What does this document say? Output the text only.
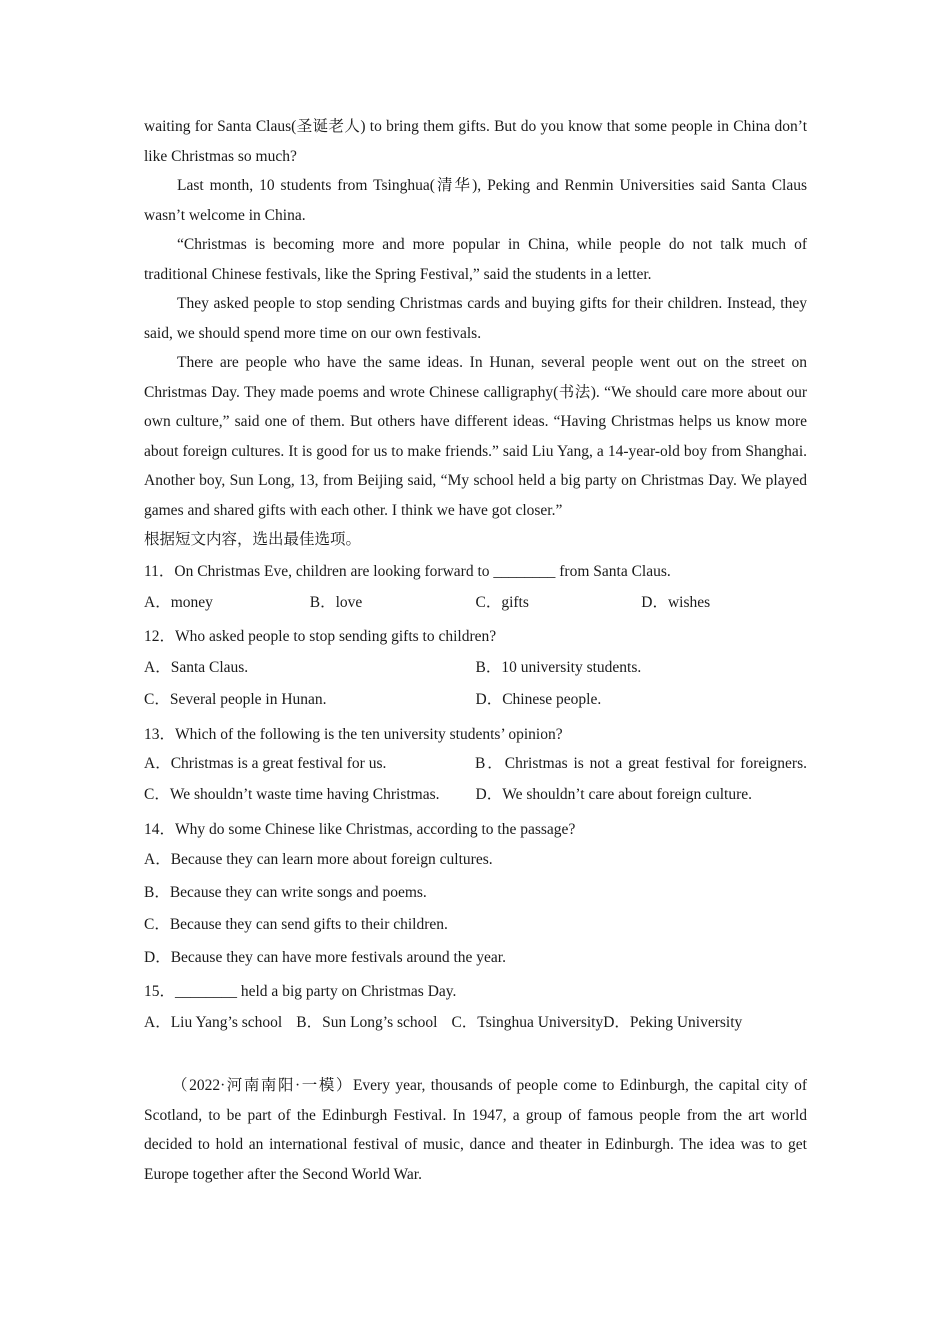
waiting for Santa Claus(圣诞老人) to bring them gifts. But do you know that some people in China don’t like Christmas so much?

Last month, 10 students from Tsinghua(清华), Peking and Renmin Universities said Santa Claus wasn’t welcome in China.

“Christmas is becoming more and more popular in China, while people do not talk much of traditional Chinese festivals, like the Spring Festival,” said the students in a letter.

They asked people to stop sending Christmas cards and buying gifts for their children. Instead, they said, we should spend more time on our own festivals.

There are people who have the same ideas. In Hunan, several people went out on the street on Christmas Day. They made poems and wrote Chinese calligraphy(书法). “We should care more about our own culture,” said one of them. But others have different ideas. “Having Christmas helps us know more about foreign cultures. It is good for us to make friends.” said Liu Yang, a 14-year-old boy from Shanghai. Another boy, Sun Long, 13, from Beijing said, “My school held a big party on Christmas Day. We played games and shared gifts with each other. I think we have got closer.”

根据短文内容，选出最佳选项。

11．On Christmas Eve, children are looking forward to ________ from Santa Claus.

A．money	B．love	C．gifts	D．wishes

12．Who asked people to stop sending gifts to children?

A．Santa Claus.	B．10 university students.
C．Several people in Hunan.	D．Chinese people.

13．Which of the following is the ten university students’ opinion?

A．Christmas is a great festival for us.	B．Christmas is not a great festival for foreigners.
C．We shouldn’t waste time having Christmas.	D．We shouldn’t care about foreign culture.

14．Why do some Chinese like Christmas, according to the passage?

A．Because they can learn more about foreign cultures.
B．Because they can write songs and poems.
C．Because they can send gifts to their children.
D．Because they can have more festivals around the year.

15．________ held a big party on Christmas Day.

A．Liu Yang’s school B．Sun Long’s school C．Tsinghua University D．Peking University

（2022·河南南阳·一模）Every year, thousands of people come to Edinburgh, the capital city of Scotland, to be part of the Edinburgh Festival. In 1947, a group of famous people from the art world decided to hold an international festival of music, dance and theater in Edinburgh. The idea was to get Europe together after the Second World War.
